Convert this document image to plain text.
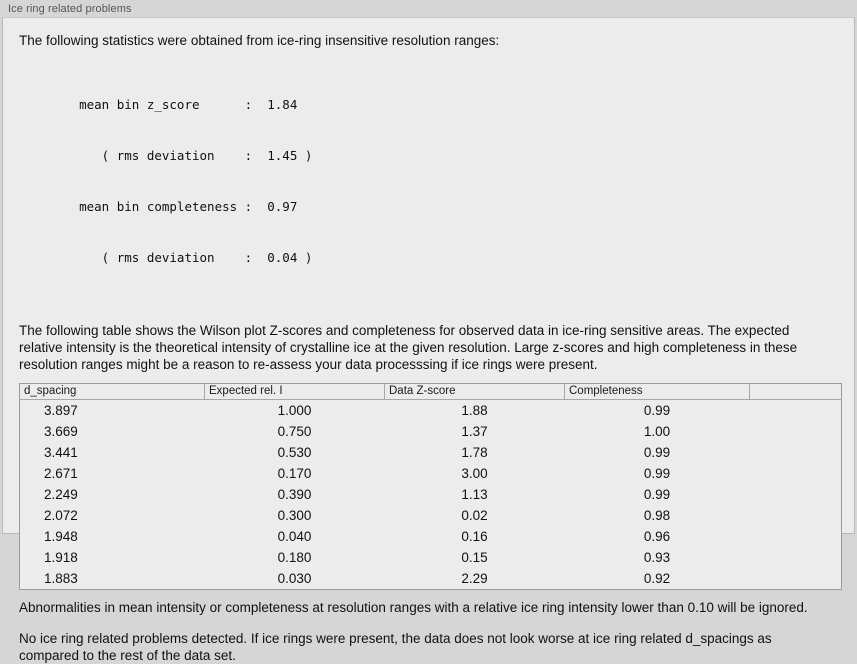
Ice ring related problems

The following statistics were obtained from ice-ring insensitive resolution ranges:

mean bin z_score      :  1.84

( rms deviation    :  1.45 )

mean bin completeness :  0.97

( rms deviation    :  0.04 )

The following table shows the Wilson plot Z-scores and completeness for observed data in ice-ring sensitive areas. The expected relative intensity is the theoretical intensity of crystalline ice at the given resolution. Large z-scores and high completeness in these resolution ranges might be a reason to re-assess your data processsing if ice rings were present.

d_spacing	Expected rel. I	Data Z-score	Completeness	
3.897	1.000	1.88	0.99	
3.669	0.750	1.37	1.00	
3.441	0.530	1.78	0.99	
2.671	0.170	3.00	0.99	
2.249	0.390	1.13	0.99	
2.072	0.300	0.02	0.98	
1.948	0.040	0.16	0.96	
1.918	0.180	0.15	0.93	
1.883	0.030	2.29	0.92	

Abnormalities in mean intensity or completeness at resolution ranges with a relative ice ring intensity lower than 0.10 will be ignored.

No ice ring related problems detected. If ice rings were present, the data does not look worse at ice ring related d_spacings as compared to the rest of the data set.
